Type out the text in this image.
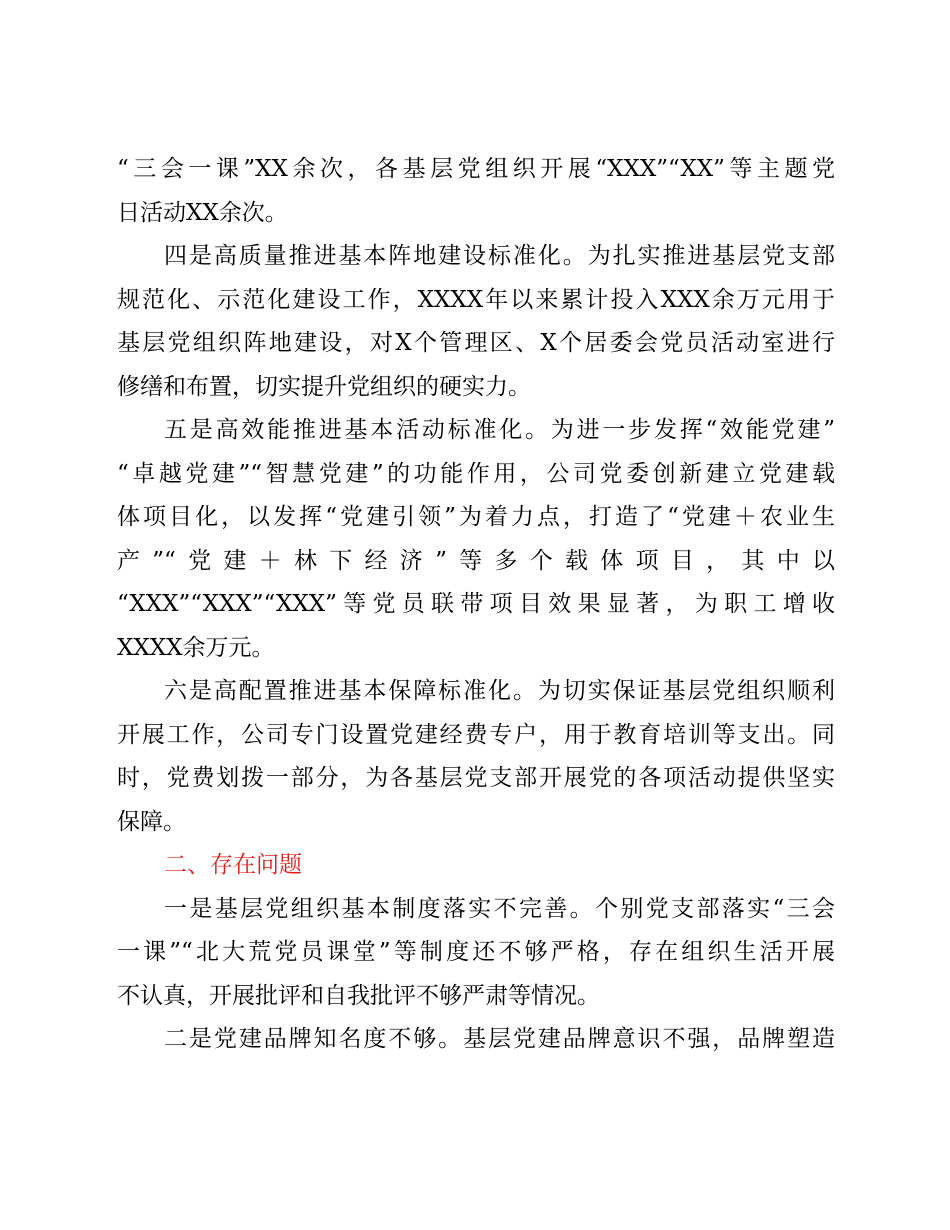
“三会一课”XX余次，各基层党组织开展“XXX”“XX”等主题党
日活动XX余次。
四是高质量推进基本阵地建设标准化。为扎实推进基层党支部
规范化、示范化建设工作，XXXX年以来累计投入XXX余万元用于
基层党组织阵地建设，对X个管理区、X个居委会党员活动室进行
修缮和布置，切实提升党组织的硬实力。
五是高效能推进基本活动标准化。为进一步发挥“效能党建”
“卓越党建”“智慧党建”的功能作用，公司党委创新建立党建载
体项目化，以发挥“党建引领”为着力点，打造了“党建＋农业生
产”“党建＋林下经济”等多个载体项目，其中以
“XXX”“XXX”“XXX”等党员联带项目效果显著，为职工增收
XXXX余万元。
六是高配置推进基本保障标准化。为切实保证基层党组织顺利
开展工作，公司专门设置党建经费专户，用于教育培训等支出。同
时，党费划拨一部分，为各基层党支部开展党的各项活动提供坚实
保障。
二、存在问题
一是基层党组织基本制度落实不完善。个别党支部落实“三会
一课”“北大荒党员课堂”等制度还不够严格，存在组织生活开展
不认真，开展批评和自我批评不够严肃等情况。
二是党建品牌知名度不够。基层党建品牌意识不强，品牌塑造
